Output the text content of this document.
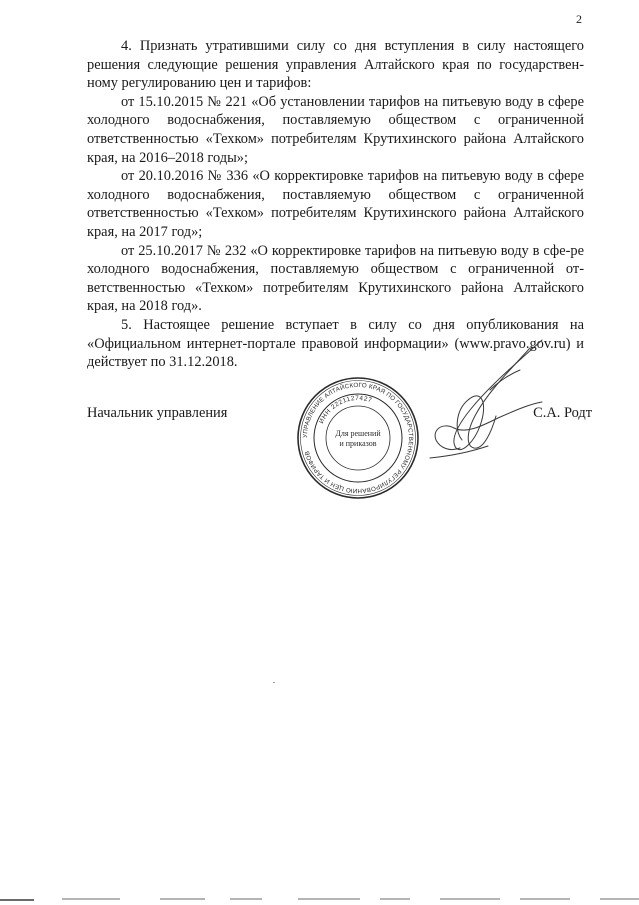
2

4. Признать утратившими силу со дня вступления в силу настоящего решения следующие решения управления Алтайского края по государствен-ному регулированию цен и тарифов:

от 15.10.2015 № 221 «Об установлении тарифов на питьевую воду в сфере холодного водоснабжения, поставляемую обществом с ограниченной ответственностью «Техком» потребителям Крутихинского района Алтайского края, на 2016–2018 годы»;

от 20.10.2016 № 336 «О корректировке тарифов на питьевую воду в сфере холодного водоснабжения, поставляемую обществом с ограниченной ответственностью «Техком» потребителям Крутихинского района Алтайского края, на 2017 год»;

от 25.10.2017 № 232 «О корректировке тарифов на питьевую воду в сфе-ре холодного водоснабжения, поставляемую обществом с ограниченной от-ветственностью «Техком» потребителям Крутихинского района Алтайского края, на 2018 год».

5. Настоящее решение вступает в силу со дня опубликования на «Официальном интернет-портале правовой информации» (www.pravo.gov.ru) и действует по 31.12.2018.

Начальник управления	С.А. Родт
УПРАВЛЕНИЕ АЛТАЙСКОГО КРАЯ ПО ГОСУДАРСТВЕННОМУ РЕГУЛИРОВАНИЮ ЦЕН И ТАРИФОВ
ИНН 2221127427
Для решений
и приказов
